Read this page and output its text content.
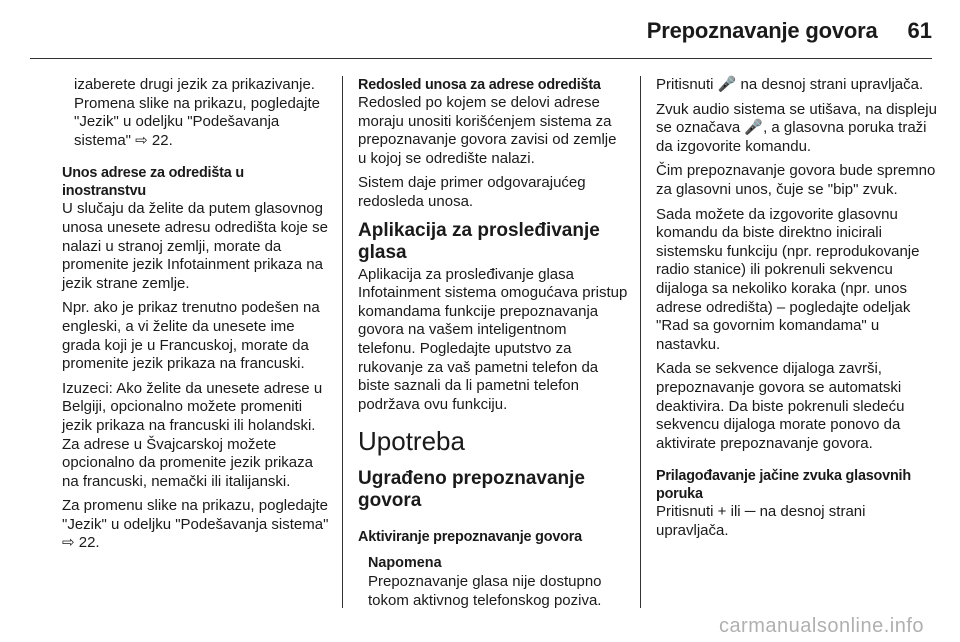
Prepoznavanje govora 61

izaberete drugi jezik za prikazivanje. Promena slike na prikazu, pogledajte "Jezik" u odeljku "Podešavanja sistema" ⇨ 22.

Unos adrese za odredišta u inostranstvu

U slučaju da želite da putem glasovnog unosa unesete adresu odredišta koje se nalazi u stranoj zemlji, morate da promenite jezik Infotainment prikaza na jezik strane zemlje.

Npr. ako je prikaz trenutno podešen na engleski, a vi želite da unesete ime grada koji je u Francuskoj, morate da promenite jezik prikaza na francuski.

Izuzeci: Ako želite da unesete adrese u Belgiji, opcionalno možete promeniti jezik prikaza na francuski ili holandski. Za adrese u Švajcarskoj možete opcionalno da promenite jezik prikaza na francuski, nemački ili italijanski.

Za promenu slike na prikazu, pogledajte "Jezik" u odeljku "Podešavanja sistema" ⇨ 22.

Redosled unosa za adrese odredišta

Redosled po kojem se delovi adrese moraju unositi korišćenjem sistema za prepoznavanje govora zavisi od zemlje u kojoj se odredište nalazi.

Sistem daje primer odgovarajućeg redosleda unosa.

Aplikacija za prosleđivanje glasa

Aplikacija za prosleđivanje glasa Infotainment sistema omogućava pristup komandama funkcije prepoznavanja govora na vašem inteligentnom telefonu. Pogledajte uputstvo za rukovanje za vaš pametni telefon da biste saznali da li pametni telefon podržava ovu funkciju.

Upotreba
Ugrađeno prepoznavanje govora
Aktiviranje prepoznavanje govora
Napomena
Prepoznavanje glasa nije dostupno tokom aktivnog telefonskog poziva.

Pritisnuti 🎤 na desnoj strani upravljača.

Zvuk audio sistema se utišava, na displeju se označava 🎤, a glasovna poruka traži da izgovorite komandu.

Čim prepoznavanje govora bude spremno za glasovni unos, čuje se "bip" zvuk.

Sada možete da izgovorite glasovnu komandu da biste direktno inicirali sistemsku funkciju (npr. reprodukovanje radio stanice) ili pokrenuli sekvencu dijaloga sa nekoliko koraka (npr. unos adrese odredišta) – pogledajte odeljak "Rad sa govornim komandama" u nastavku.

Kada se sekvence dijaloga završi, prepoznavanje govora se automatski deaktivira. Da biste pokrenuli sledeću sekvencu dijaloga morate ponovo da aktivirate prepoznavanje govora.

Prilagođavanje jačine zvuka glasovnih poruka

Pritisnuti + ili ─ na desnoj strani upravljača.

carmanualsonline.info
